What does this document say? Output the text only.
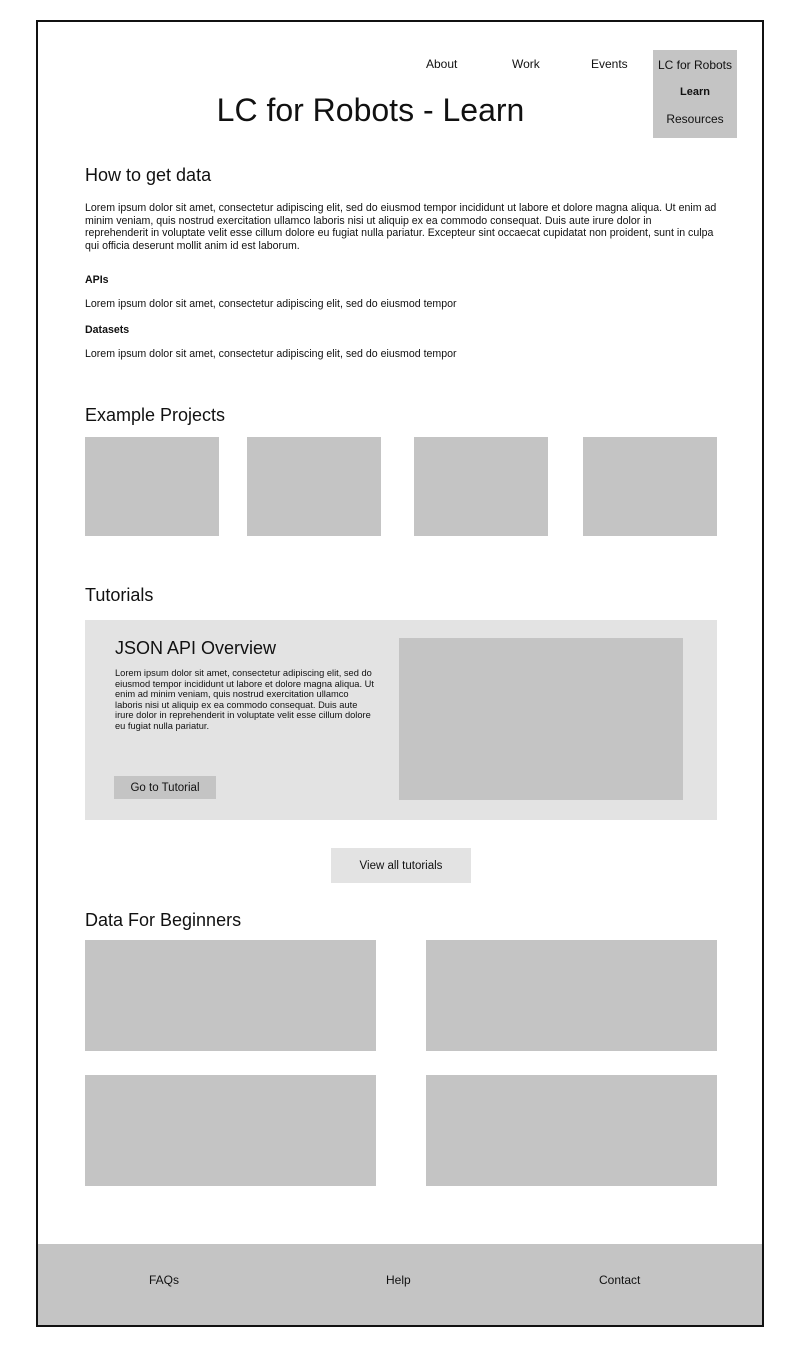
About	Work	Events	LC for Robots
Learn
Resources
LC for Robots - Learn
How to get data

Lorem ipsum dolor sit amet, consectetur adipiscing elit, sed do eiusmod tempor incididunt ut labore et dolore magna aliqua. Ut enim ad minim veniam, quis nostrud exercitation ullamco laboris nisi ut aliquip ex ea commodo consequat. Duis aute irure dolor in reprehenderit in voluptate velit esse cillum dolore eu fugiat nulla pariatur. Excepteur sint occaecat cupidatat non proident, sunt in culpa qui officia deserunt mollit anim id est laborum.

APIs

Lorem ipsum dolor sit amet, consectetur adipiscing elit, sed do eiusmod tempor

Datasets

Lorem ipsum dolor sit amet, consectetur adipiscing elit, sed do eiusmod tempor

Example Projects
Tutorials
JSON API Overview

Lorem ipsum dolor sit amet, consectetur adipiscing elit, sed do eiusmod tempor incididunt ut labore et dolore magna aliqua. Ut enim ad minim veniam, quis nostrud exercitation ullamco laboris nisi ut aliquip ex ea commodo consequat. Duis aute irure dolor in reprehenderit in voluptate velit esse cillum dolore eu fugiat nulla pariatur.

Go to Tutorial
View all tutorials
Data For Beginners
FAQs	Help	Contact
